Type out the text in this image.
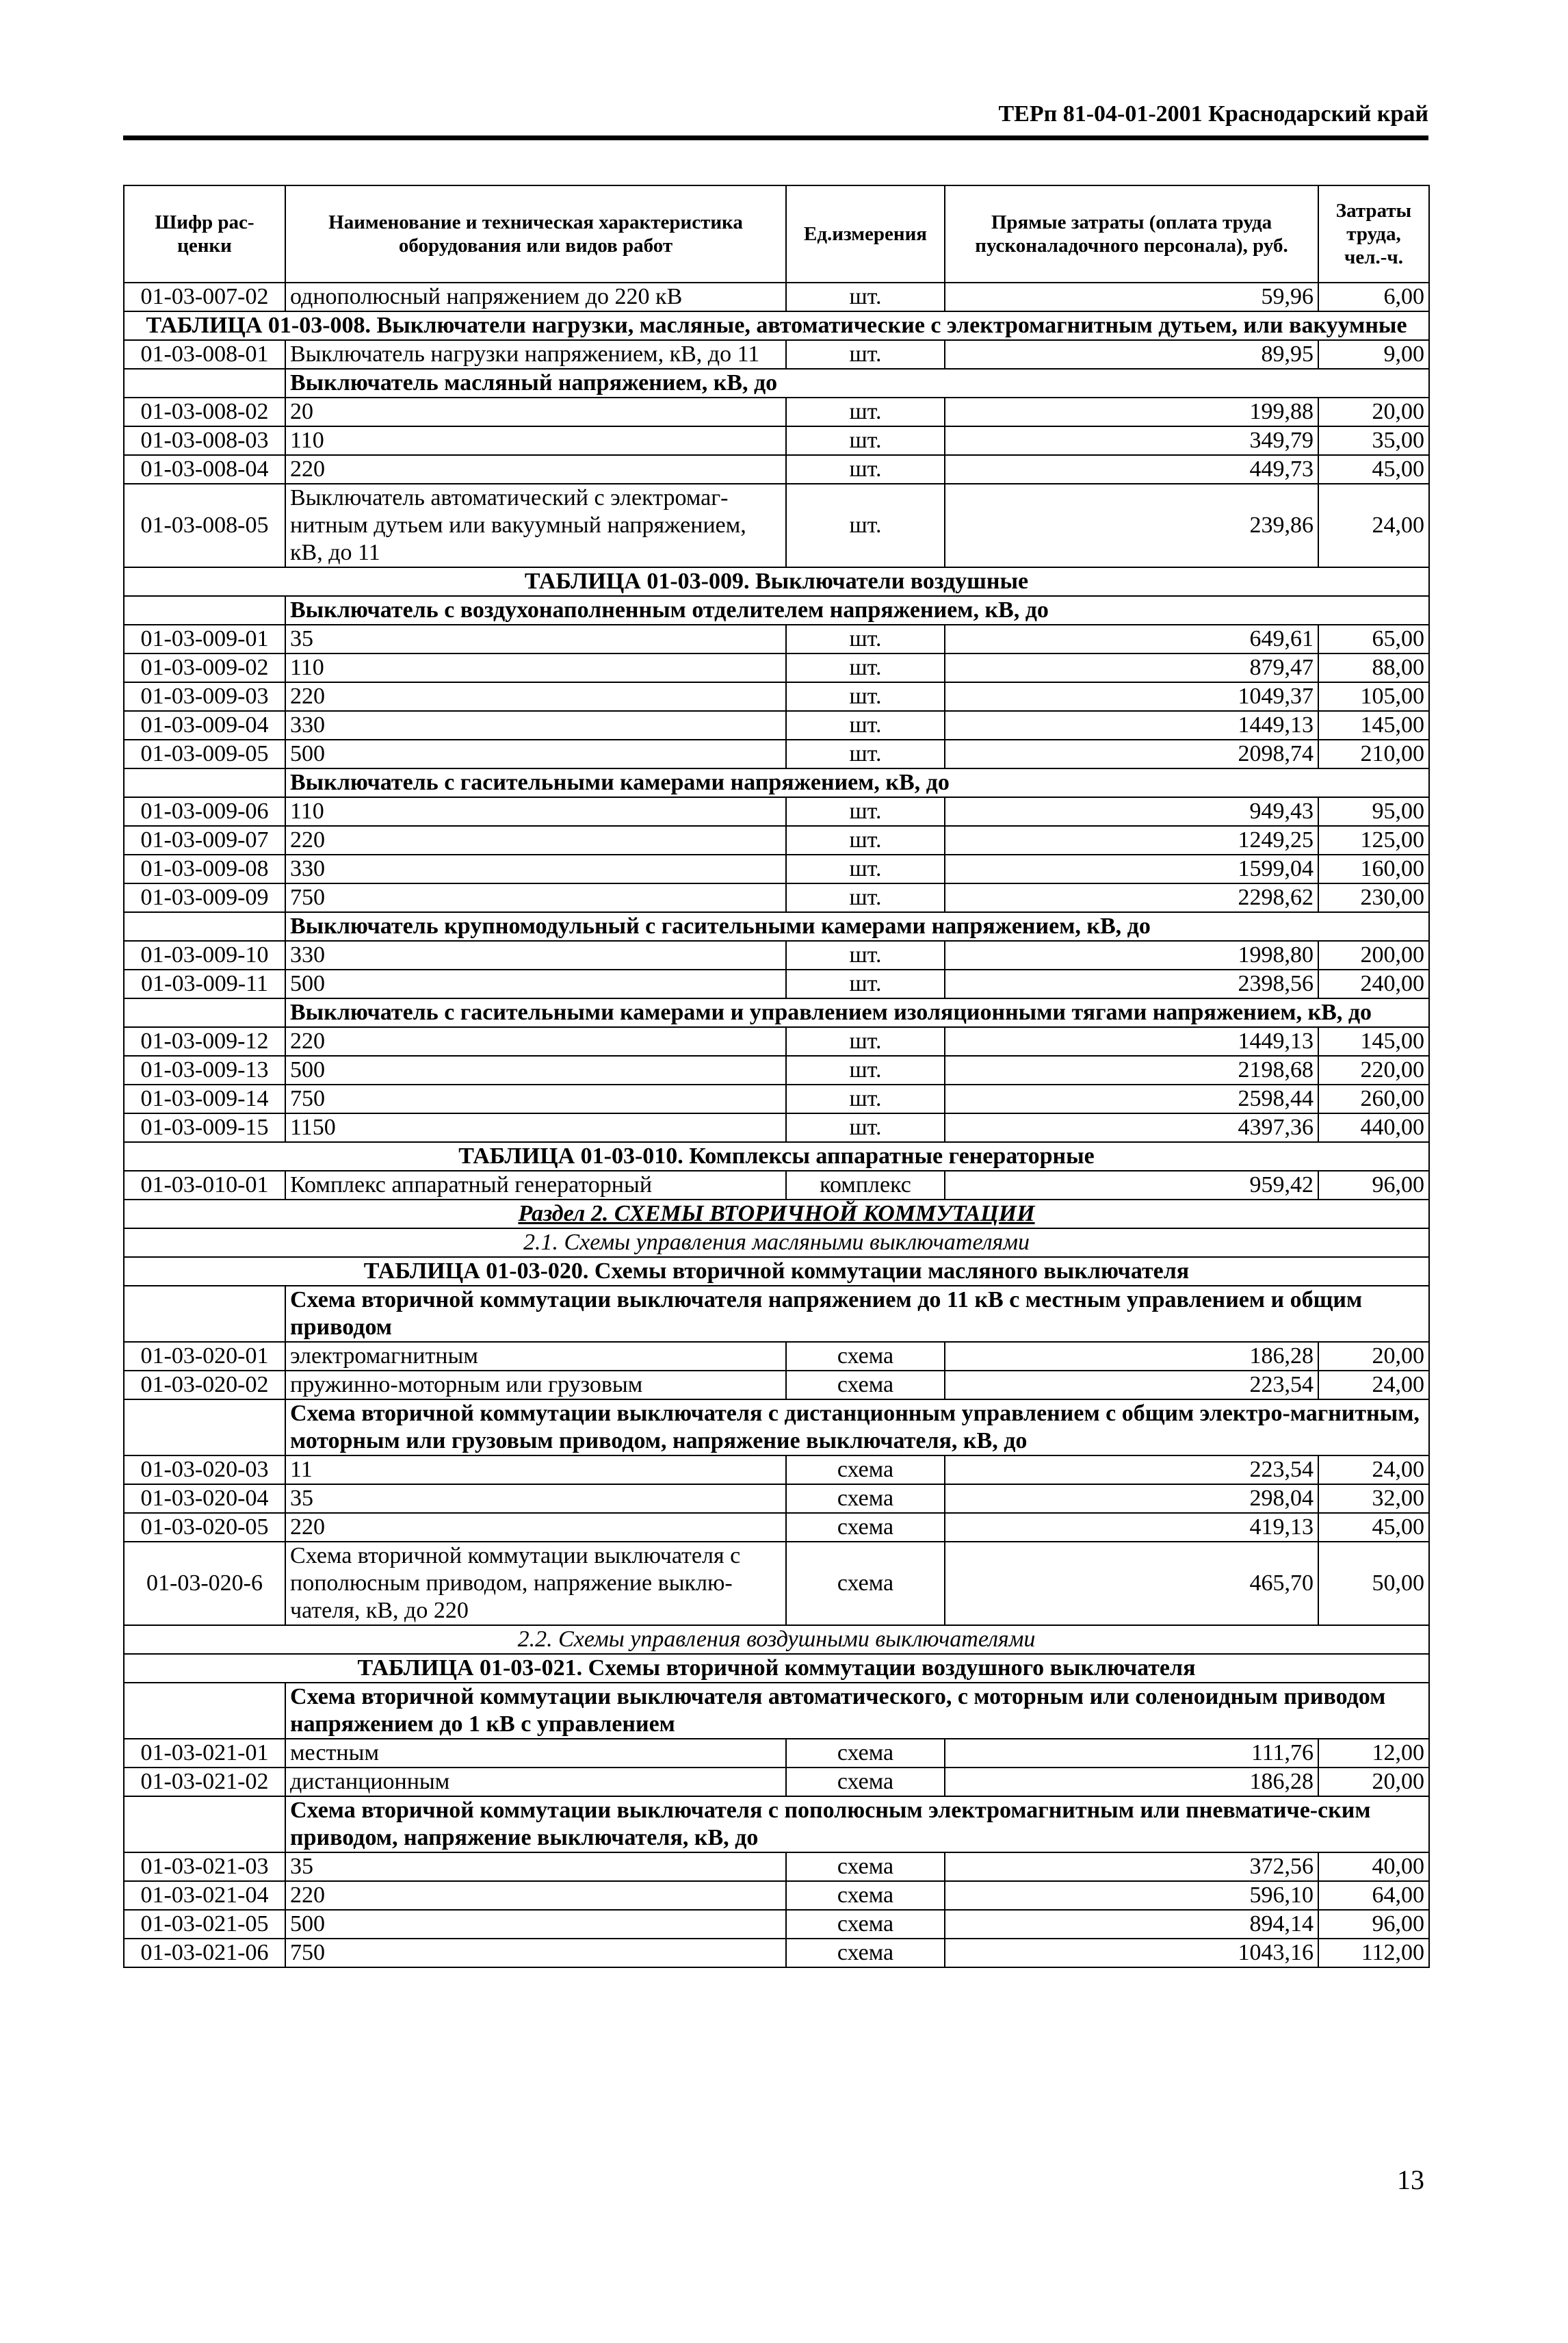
ТЕРп 81-04-01-2001 Краснодарский край
Шифр рас-ценки	Наименование и техническая характеристика оборудования или видов работ	Ед.измерения	Прямые затраты (оплата труда пусконаладочного персонала), руб.	Затраты труда, чел.-ч.
01-03-007-02	однополюсный напряжением до 220 кВ	шт.	59,96	6,00
ТАБЛИЦА 01-03-008. Выключатели нагрузки, масляные, автоматические с электромагнитным дутьем, или вакуумные				
01-03-008-01	Выключатель нагрузки напряжением, кВ, до 11	шт.	89,95	9,00
	Выключатель масляный напряжением, кВ, до			
01-03-008-02	20	шт.	199,88	20,00
01-03-008-03	110	шт.	349,79	35,00
01-03-008-04	220	шт.	449,73	45,00
01-03-008-05	Выключатель автоматический с электромаг-нитным дутьем или вакуумный напряжением, кВ, до 11	шт.	239,86	24,00
ТАБЛИЦА 01-03-009. Выключатели воздушные				
	Выключатель с воздухонаполненным отделителем напряжением, кВ, до			
01-03-009-01	35	шт.	649,61	65,00
01-03-009-02	110	шт.	879,47	88,00
01-03-009-03	220	шт.	1049,37	105,00
01-03-009-04	330	шт.	1449,13	145,00
01-03-009-05	500	шт.	2098,74	210,00
	Выключатель с гасительными камерами напряжением, кВ, до			
01-03-009-06	110	шт.	949,43	95,00
01-03-009-07	220	шт.	1249,25	125,00
01-03-009-08	330	шт.	1599,04	160,00
01-03-009-09	750	шт.	2298,62	230,00
	Выключатель крупномодульный с гасительными камерами напряжением, кВ, до			
01-03-009-10	330	шт.	1998,80	200,00
01-03-009-11	500	шт.	2398,56	240,00
	Выключатель с гасительными камерами и управлением изоляционными тягами напряжением, кВ, до			
01-03-009-12	220	шт.	1449,13	145,00
01-03-009-13	500	шт.	2198,68	220,00
01-03-009-14	750	шт.	2598,44	260,00
01-03-009-15	1150	шт.	4397,36	440,00
ТАБЛИЦА 01-03-010. Комплексы аппаратные генераторные				
01-03-010-01	Комплекс аппаратный генераторный	комплекс	959,42	96,00
Раздел 2. СХЕМЫ ВТОРИЧНОЙ КОММУТАЦИИ				
2.1. Схемы управления масляными выключателями				
ТАБЛИЦА 01-03-020. Схемы вторичной коммутации масляного выключателя				
	Схема вторичной коммутации выключателя напряжением до 11 кВ с местным управлением и общим приводом			
01-03-020-01	электромагнитным	схема	186,28	20,00
01-03-020-02	пружинно-моторным или грузовым	схема	223,54	24,00
	Схема вторичной коммутации выключателя с дистанционным управлением с общим электро-магнитным, моторным или грузовым приводом, напряжение выключателя, кВ, до			
01-03-020-03	11	схема	223,54	24,00
01-03-020-04	35	схема	298,04	32,00
01-03-020-05	220	схема	419,13	45,00
01-03-020-6	Схема вторичной коммутации выключателя с пополюсным приводом, напряжение выклю-чателя, кВ, до 220	схема	465,70	50,00
2.2. Схемы управления воздушными выключателями				
ТАБЛИЦА 01-03-021. Схемы вторичной коммутации воздушного выключателя				
	Схема вторичной коммутации выключателя автоматического, с моторным или соленоидным приводом напряжением до 1 кВ с управлением			
01-03-021-01	местным	схема	111,76	12,00
01-03-021-02	дистанционным	схема	186,28	20,00
	Схема вторичной коммутации выключателя с пополюсным электромагнитным или пневматиче-ским приводом, напряжение выключателя, кВ, до			
01-03-021-03	35	схема	372,56	40,00
01-03-021-04	220	схема	596,10	64,00
01-03-021-05	500	схема	894,14	96,00
01-03-021-06	750	схема	1043,16	112,00
13
